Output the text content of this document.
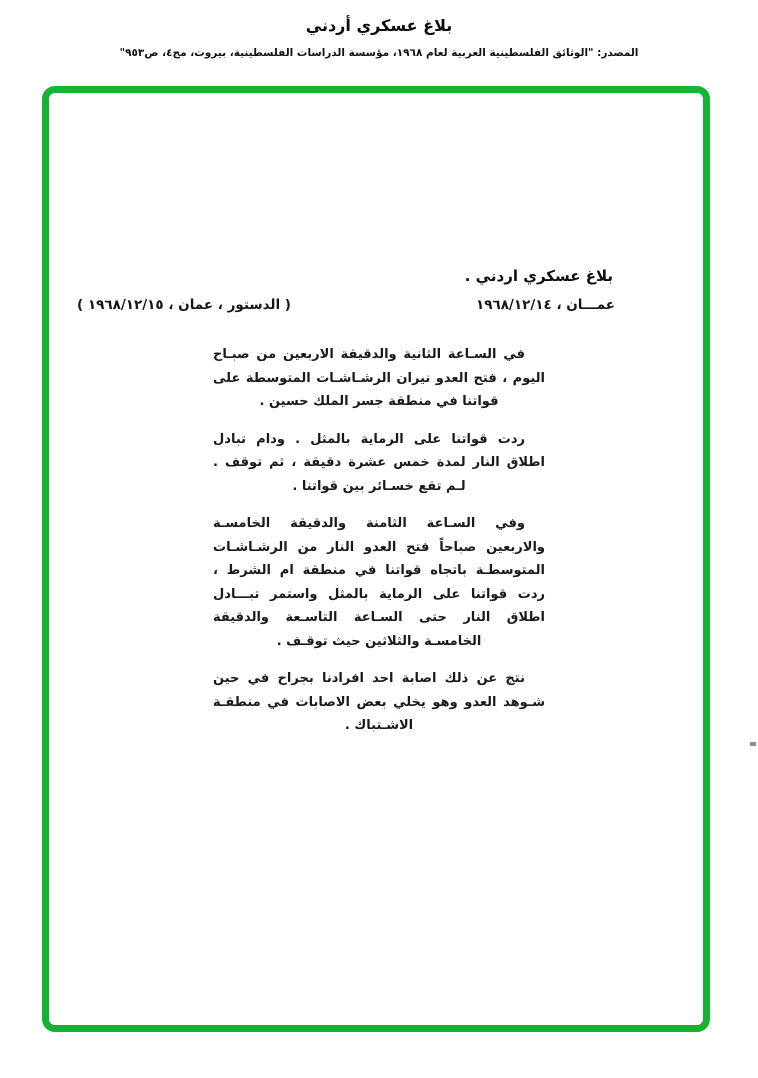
بلاغ عسكري أردني
المصدر: "الوثائق الفلسطينية العربية لعام ١٩٦٨، مؤسسة الدراسات الفلسطينية، بيروت، مج٤، ص٩٥٣"
بلاغ عسكري اردني .
عمـــان ، ١٩٦٨/١٢/١٤
( الدستور ، عمان ، ١٩٦٨/١٢/١٥ )

في السـاعة الثانية والدقيقة الاربعين من صبـاح اليوم ، فتح العدو نيران الرشـاشـات المتوسطة على قواتنا في منطقة جسر الملك حسين .

ردت قواتنا على الرماية بالمثل . ودام تبادل اطلاق النار لمدة خمس عشرة دقيقة ، ثم توقف . لـم تقع خسـائر بين قواتنا .

وفي السـاعة الثامنة والدقيقة الخامسـة والاربعين صباحاً فتح العدو النار من الرشـاشـات المتوسطـة باتجاه قواتنا في منطقة ام الشرط ، ردت قواتنا على الرماية بالمثل واستمر تبـــادل اطلاق النار حتى السـاعة التاسـعة والدقيقة الخامسـة والثلاثين حيث توقـف .

نتج عن ذلك اصابة احد افرادنا بجراح في حين شـوهد العدو وهو يخلي بعض الاصابات في منطقـة الاشـتباك .
